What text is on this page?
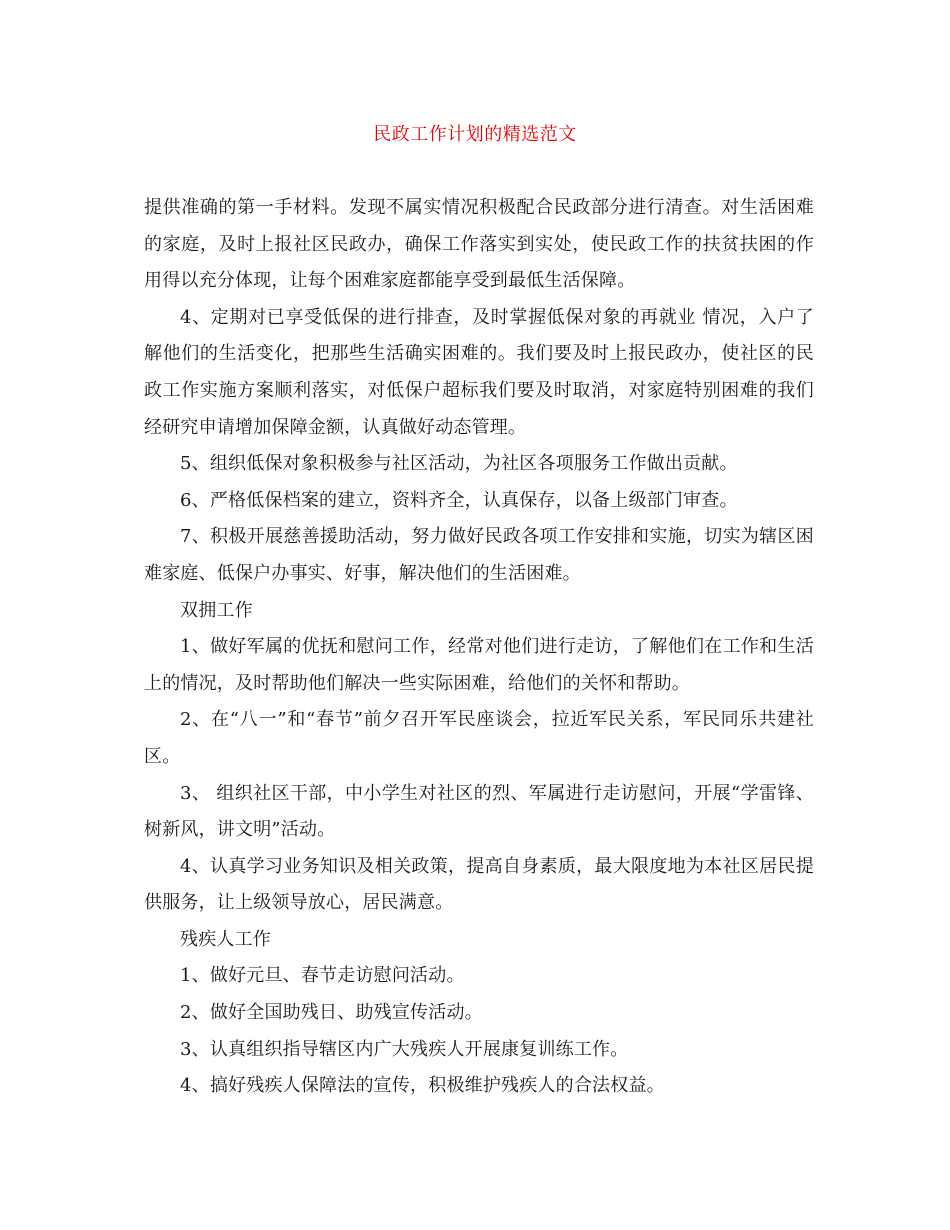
民政工作计划的精选范文

提供准确的第一手材料。发现不属实情况积极配合民政部分进行清查。对生活困难的家庭，及时上报社区民政办，确保工作落实到实处，使民政工作的扶贫扶困的作用得以充分体现，让每个困难家庭都能享受到最低生活保障。

4、定期对已享受低保的进行排查，及时掌握低保对象的再就业 情况，入户了解他们的生活变化，把那些生活确实困难的。我们要及时上报民政办，使社区的民政工作实施方案顺利落实，对低保户超标我们要及时取消，对家庭特别困难的我们经研究申请增加保障金额，认真做好动态管理。

5、组织低保对象积极参与社区活动，为社区各项服务工作做出贡献。

6、严格低保档案的建立，资料齐全，认真保存，以备上级部门审查。

7、积极开展慈善援助活动，努力做好民政各项工作安排和实施，切实为辖区困难家庭、低保户办事实、好事，解决他们的生活困难。

双拥工作

1、做好军属的优抚和慰问工作，经常对他们进行走访，了解他们在工作和生活上的情况，及时帮助他们解决一些实际困难，给他们的关怀和帮助。

2、在“八一”和“春节”前夕召开军民座谈会，拉近军民关系，军民同乐共建社区。

3、 组织社区干部，中小学生对社区的烈、军属进行走访慰问，开展“学雷锋、树新风，讲文明”活动。

4、认真学习业务知识及相关政策，提高自身素质，最大限度地为本社区居民提供服务，让上级领导放心，居民满意。

残疾人工作

1、做好元旦、春节走访慰问活动。

2、做好全国助残日、助残宣传活动。

3、认真组织指导辖区内广大残疾人开展康复训练工作。

4、搞好残疾人保障法的宣传，积极维护残疾人的合法权益。
